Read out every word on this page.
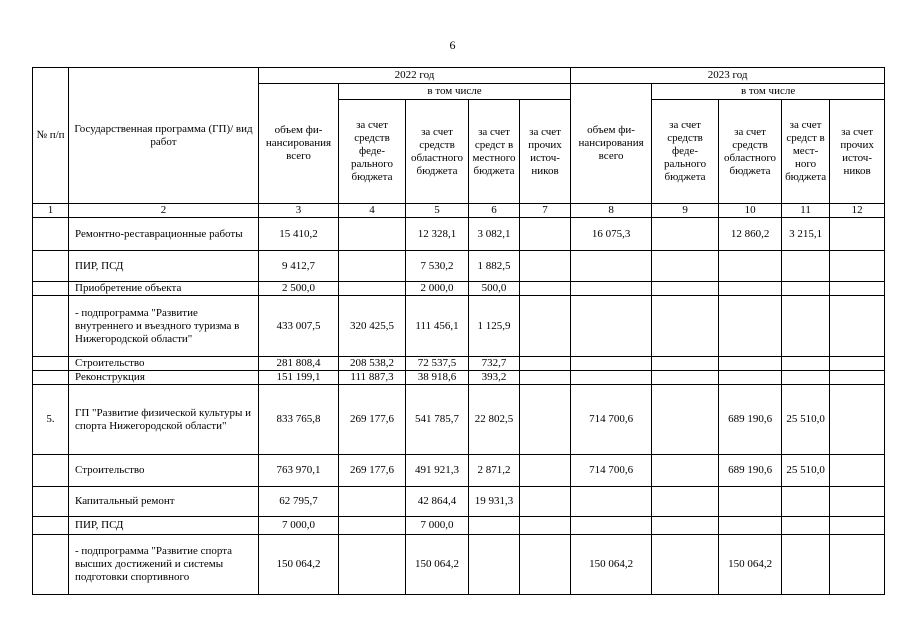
6
№ п/п	Государственная программа (ГП)/ вид работ	2022 год					2023 год				
		объем финансирования всего	в том числе				объем финансирования всего	в том числе			
			за счет средств федерального бюджета	за счет средств областного бюджета	за счет средст в местного бюджета	за счет прочих источников		за счет средств федерального бюджета	за счет средств областного бюджета	за счет средст в местного бюджета	за счет прочих источников
1	2	3	4	5	6	7	8	9	10	11	12
	Ремонтно-реставрационные работы	15 410,2		12 328,1	3 082,1		16 075,3		12 860,2	3 215,1	
	ПИР, ПСД	9 412,7		7 530,2	1 882,5						
	Приобретение объекта	2 500,0		2 000,0	500,0						
	- подпрограмма "Развитие внутреннего и въездного туризма в Нижегородской области"	433 007,5	320 425,5	111 456,1	1 125,9						
	Строительство	281 808,4	208 538,2	72 537,5	732,7						
	Реконструкция	151 199,1	111 887,3	38 918,6	393,2						
5.	ГП "Развитие физической культуры и спорта Нижегородской области"	833 765,8	269 177,6	541 785,7	22 802,5		714 700,6		689 190,6	25 510,0	
	Строительство	763 970,1	269 177,6	491 921,3	2 871,2		714 700,6		689 190,6	25 510,0	
	Капитальный ремонт	62 795,7		42 864,4	19 931,3						
	ПИР, ПСД	7 000,0		7 000,0							
	- подпрограмма "Развитие спорта высших достижений и системы подготовки спортивного	150 064,2		150 064,2			150 064,2		150 064,2		
